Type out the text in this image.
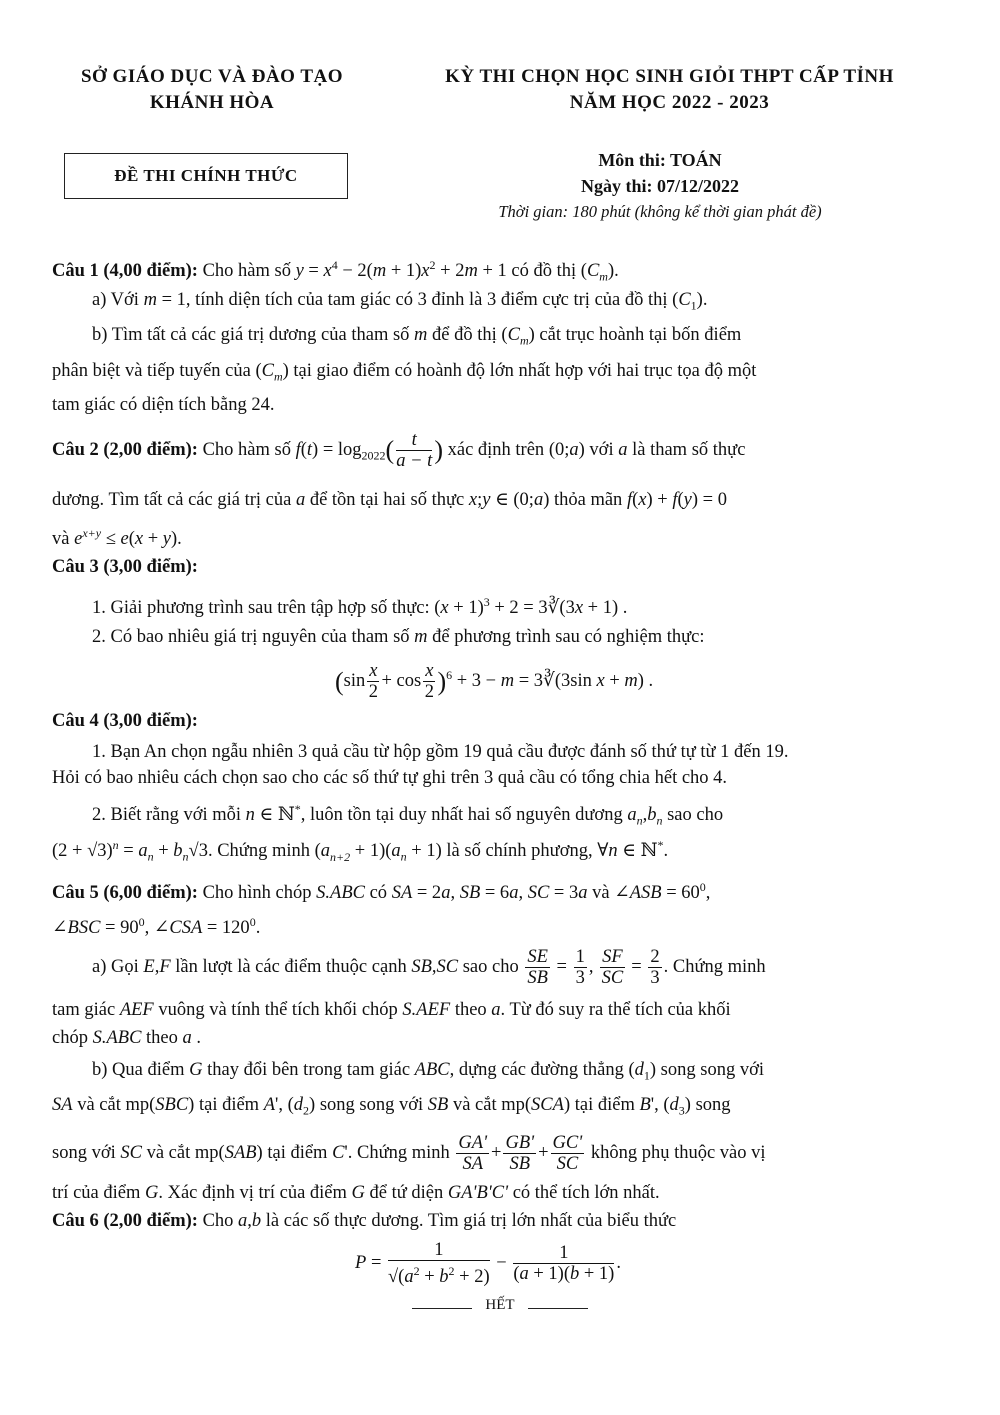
SỞ GIÁO DỤC VÀ ĐÀO TẠO
KHÁNH HÒA
KỲ THI CHỌN HỌC SINH GIỎI THPT CẤP TỈNH
NĂM HỌC 2022 - 2023
ĐỀ THI CHÍNH THỨC
Môn thi: TOÁN
Ngày thi: 07/12/2022
Thời gian: 180 phút (không kể thời gian phát đề)
Câu 1 (4,00 điểm): Cho hàm số $y = x^4 - 2(m + 1)x^2 + 2m + 1$ có đồ thị $(C_m)$.
a) Với m = 1, tính diện tích của tam giác có 3 đỉnh là 3 điểm cực trị của đồ thị $(C_1)$.
b) Tìm tất cả các giá trị dương của tham số m để đồ thị $(C_m)$ cắt trục hoành tại bốn điểm
phân biệt và tiếp tuyến của $(C_m)$ tại giao điểm có hoành độ lớn nhất hợp với hai trục tọa độ một
tam giác có diện tích bằng 24.
Câu 2 (2,00 điểm): Cho hàm số $f(t) = \log_{2022}( \frac{t}{a - t}$ ) xác định trên (0;a) với a là tham số thực
dương. Tìm tất cả các giá trị của a để tồn tại hai số thực x;y ∈ (0;a) thỏa mãn f(x) + f(y) = 0
và $e^{x+y} \le e(x + y)$.
Câu 3 (3,00 điểm):
1. Giải phương trình sau trên tập hợp số thực: $(x + 1)^3 + 2$ = 3∛(3x + 1) .
2. Có bao nhiêu giá trị nguyên của tham số m để phương trình sau có nghiệm thực:
$(\sin \frac{x}{2} + \cos \frac{x}{2} )^6 + 3 - m$ = 3∛(3sin x + m) .
Câu 4 (3,00 điểm):
1. Bạn An chọn ngẫu nhiên 3 quả cầu từ hộp gồm 19 quả cầu được đánh số thứ tự từ 1 đến 19.
Hỏi có bao nhiêu cách chọn sao cho các số thứ tự ghi trên 3 quả cầu có tổng chia hết cho 4.
2. Biết rằng với mỗi n ∈ ℕ*, luôn tồn tại duy nhất hai số nguyên dương $a_n,b_n$ sao cho
$(2 + √3)^n = a_n + b_n√3$. Chứng minh $(a_{n+2} + 1)(a_n + 1)$ là số chính phương, ∀n ∈ ℕ*.
Câu 5 (6,00 điểm): Cho hình chóp S.ABC có SA = 2a, SB = 6a, SC = 3a và ∠ASB = $60^0$,
∠BSC = $90^0$, ∠CSA = $120^0$.
a) Gọi E,F lần lượt là các điểm thuộc cạnh SB,SC sao cho $\frac{SE}{SB} = \frac{1}{3}$ , $\frac{SF}{SC} = \frac{2}{3}$ . Chứng minh
tam giác AEF vuông và tính thể tích khối chóp S.AEF theo a. Từ đó suy ra thể tích của khối
chóp S.ABC theo a .
b) Qua điểm G thay đổi bên trong tam giác ABC, dựng các đường thẳng $(d_1)$ song song với
SA và cắt mp(SBC) tại điểm A', $(d_2)$ song song với SB và cắt mp(SCA) tại điểm B', $(d_3)$ song
song với SC và cắt mp(SAB) tại điểm C'. Chứng minh $\frac{GA'}{SA} + \frac{GB'}{SB} + \frac{GC'}{SC}$ không phụ thuộc vào vị
trí của điểm G. Xác định vị trí của điểm G để tứ diện GA'B'C' có thể tích lớn nhất.
Câu 6 (2,00 điểm): Cho a,b là các số thực dương. Tìm giá trị lớn nhất của biểu thức
$P = \frac{1}{√(a^2 + b^2 + 2)} - \frac{1}{(a + 1)(b + 1)}$ .
HẾT
